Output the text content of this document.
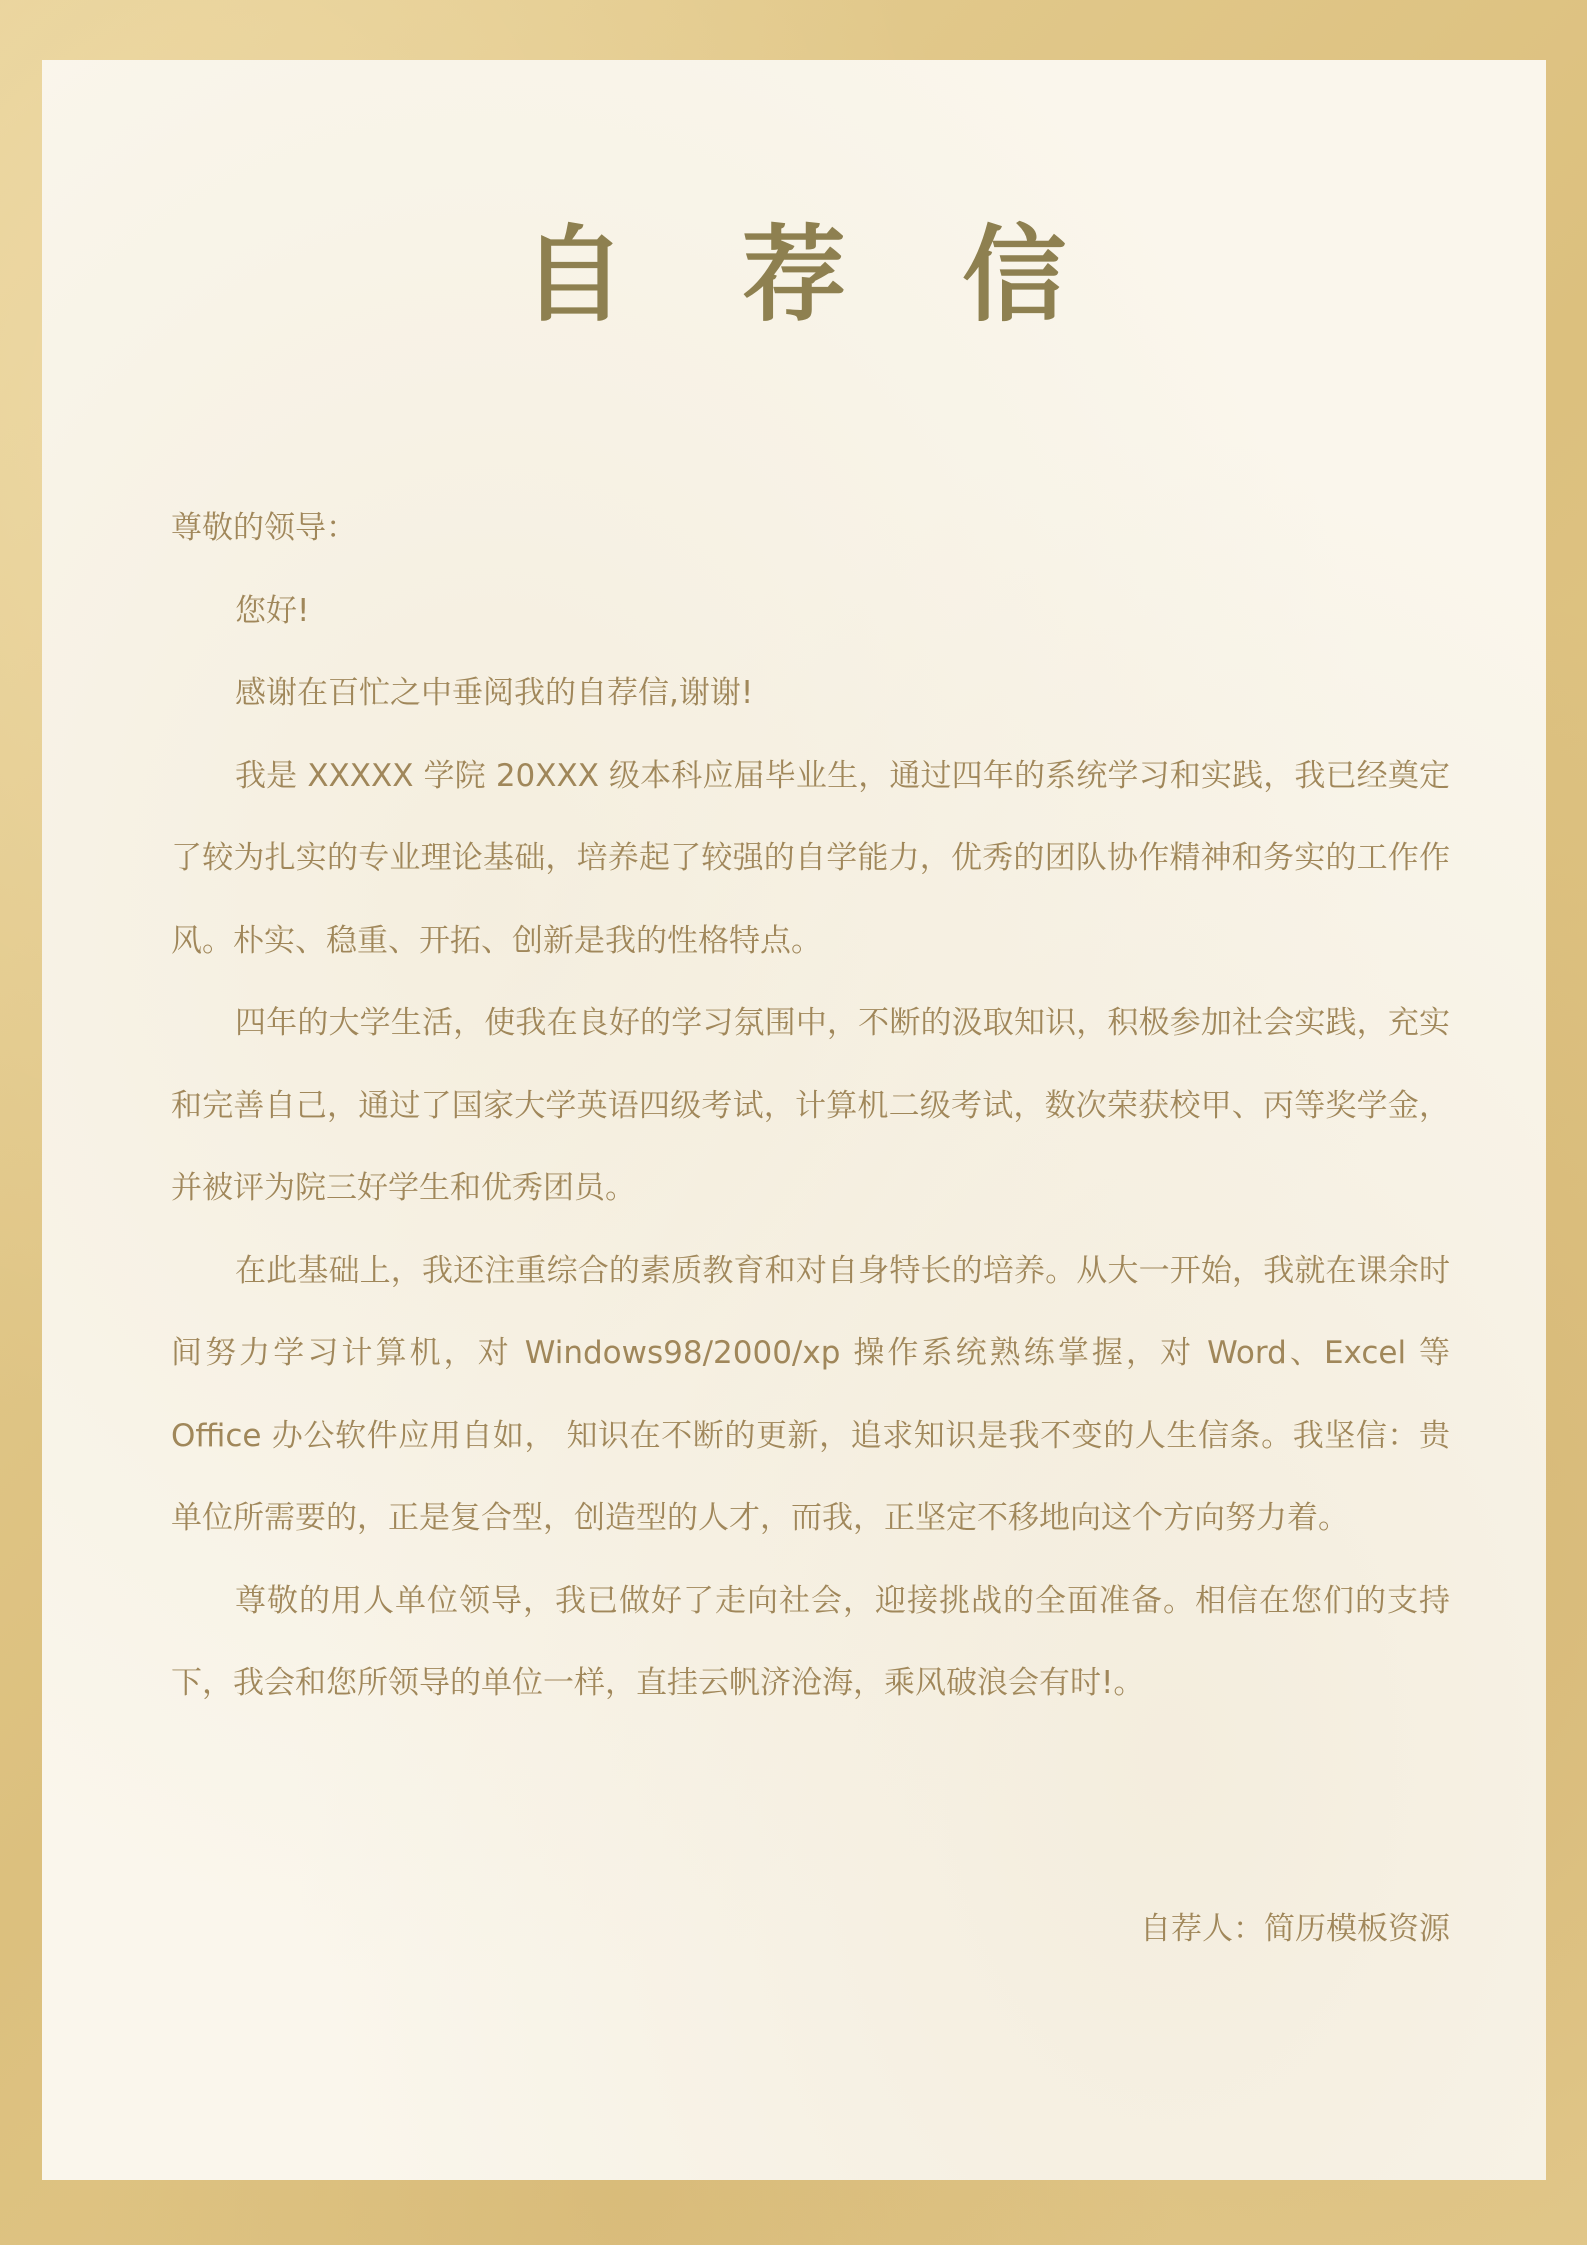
自 荐 信

尊敬的领导：

您好!

感谢在百忙之中垂阅我的自荐信,谢谢!

我是 XXXXX 学院 20XXX 级本科应届毕业生，通过四年的系统学习和实践，我已经奠定了较为扎实的专业理论基础，培养起了较强的自学能力，优秀的团队协作精神和务实的工作作风。朴实、稳重、开拓、创新是我的性格特点。

四年的大学生活，使我在良好的学习氛围中，不断的汲取知识，积极参加社会实践，充实和完善自己，通过了国家大学英语四级考试，计算机二级考试，数次荣获校甲、丙等奖学金，并被评为院三好学生和优秀团员。

在此基础上，我还注重综合的素质教育和对自身特长的培养。从大一开始，我就在课余时间努力学习计算机，对 Windows98/2000/xp 操作系统熟练掌握，对 Word、Excel 等 Office 办公软件应用自如， 知识在不断的更新，追求知识是我不变的人生信条。我坚信：贵单位所需要的，正是复合型，创造型的人才，而我，正坚定不移地向这个方向努力着。

尊敬的用人单位领导，我已做好了走向社会，迎接挑战的全面准备。相信在您们的支持下，我会和您所领导的单位一样，直挂云帆济沧海，乘风破浪会有时!。

自荐人：简历模板资源
